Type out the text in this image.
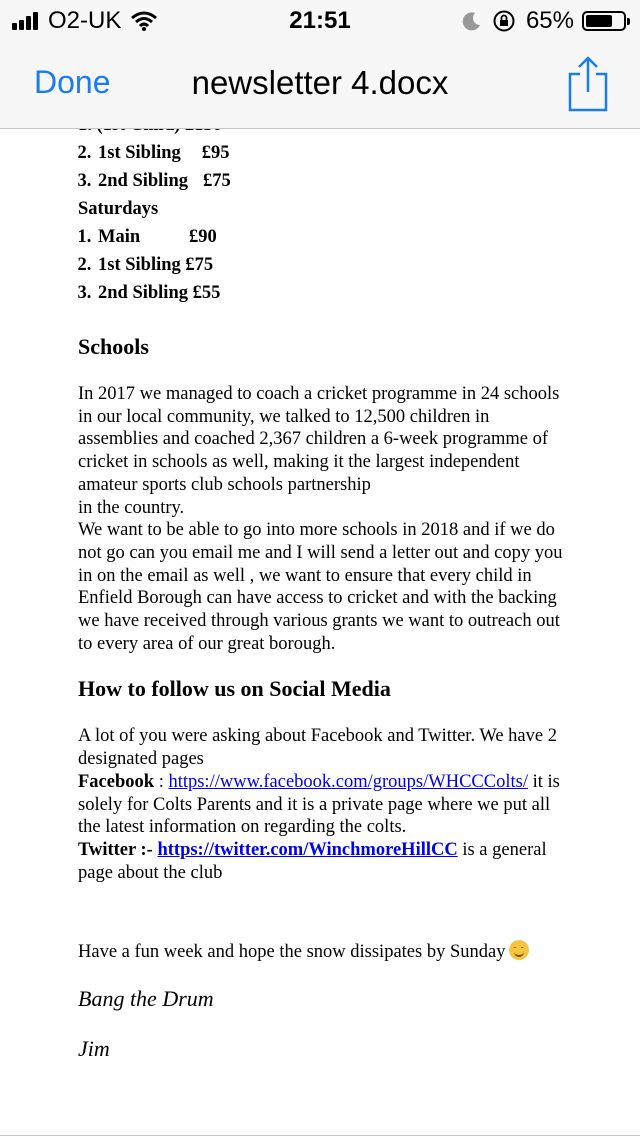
O2-UK	21:51	65%
Done	newsletter 4.docx
2. 1st Sibling £95
3. 2nd Sibling £75
Saturdays
1. Main	£90
2. 1st Sibling £75
3. 2nd Sibling £55
Schools

In 2017 we managed to coach a cricket programme in 24 schools in our local community, we talked to 12,500 children in assemblies and coached 2,367 children a 6-week programme of cricket in schools as well, making it the largest independent amateur sports club schools partnership
in the country.

We want to be able to go into more schools in 2018 and if we do not go can you email me and I will send a letter out and copy you in on the email as well , we want to ensure that every child in Enfield Borough can have access to cricket and with the backing we have received through various grants we want to outreach out to every area of our great borough.

How to follow us on Social Media

A lot of you were asking about Facebook and Twitter. We have 2 designated pages

Facebook : https://www.facebook.com/groups/WHCCColts/ it is solely for Colts Parents and it is a private page where we put all the latest information on regarding the colts.

Twitter :- https://twitter.com/WinchmoreHillCC is a general page about the club

Have a fun week and hope the snow dissipates by Sunday˘ ˘

Bang the Drum
Jim
